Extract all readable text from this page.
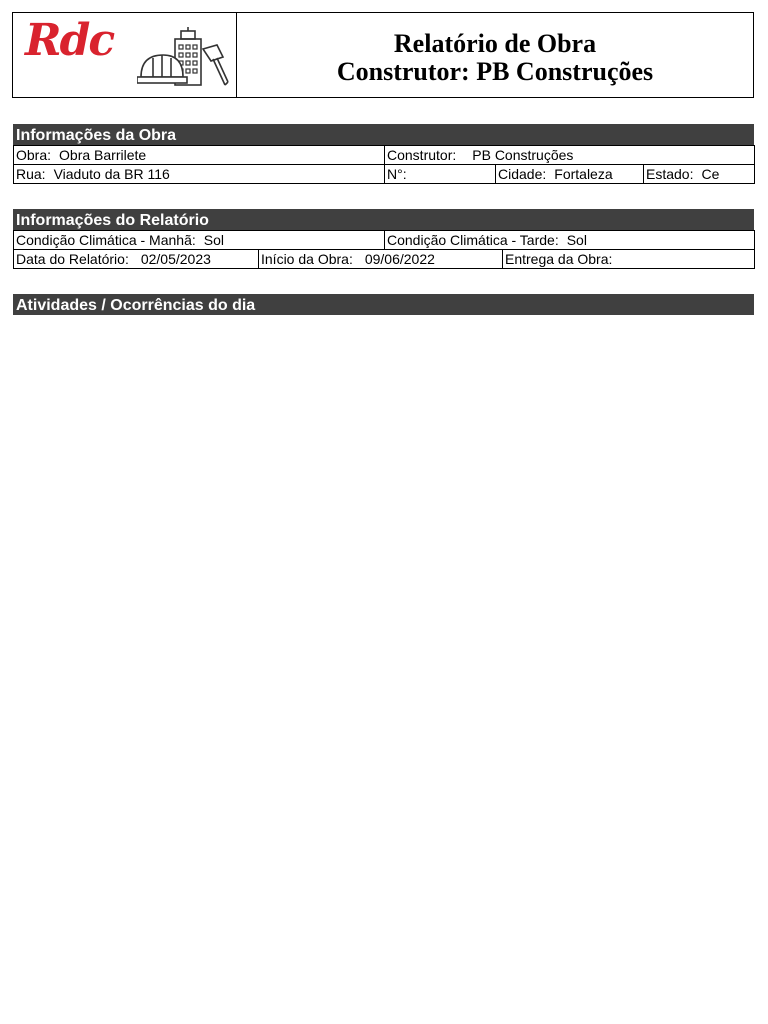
Rdc	Relatório de Obra
Construtor: PB Construções
Informações da Obra
Obra: Obra Barrilete	Construtor: PB Construções
Rua: Viaduto da BR 116	N°:	Cidade: Fortaleza	Estado: Ce
Informações do Relatório
Condição Climática - Manhã: Sol	Condição Climática - Tarde: Sol
Data do Relatório: 02/05/2023	Início da Obra: 09/06/2022	Entrega da Obra:
Atividades / Ocorrências do dia
